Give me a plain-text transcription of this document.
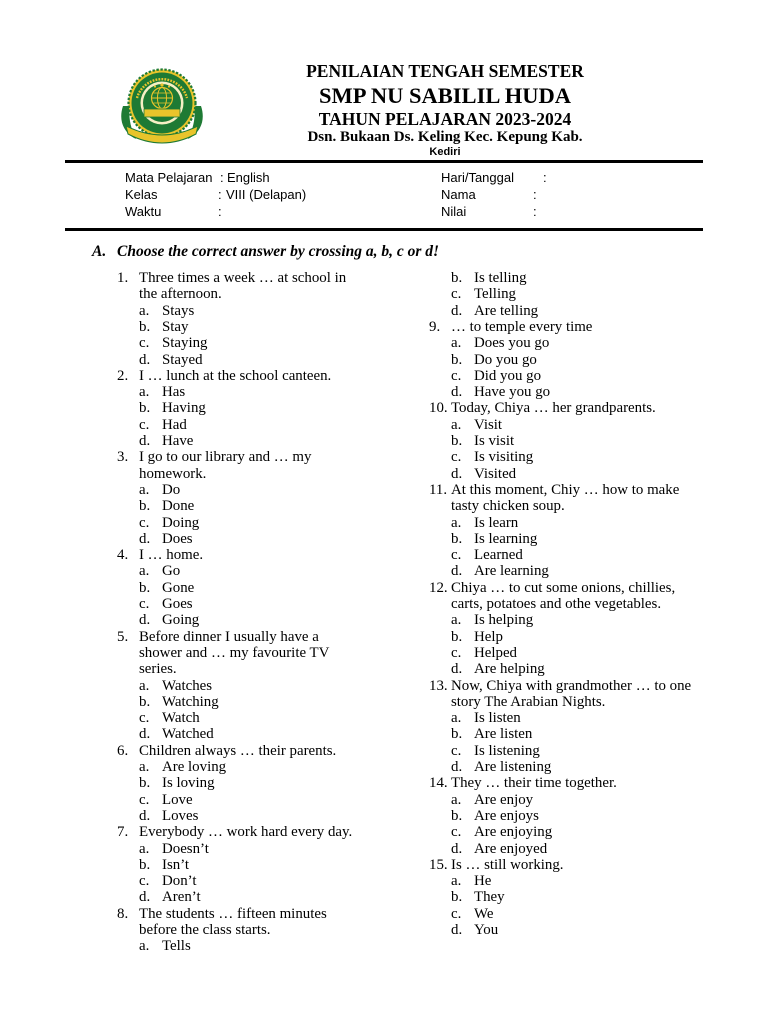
PENILAIAN TENGAH SEMESTER
SMP NU SABILIL HUDA
TAHUN PELAJARAN 2023-2024
Dsn. Bukaan Ds. Keling Kec. Kepung Kab.
Kediri
Mata Pelajaran : English
Kelas	: VIII (Delapan)
Waktu	:
Hari/Tanggal :
Nama	:
Nilai	:
A. Choose the correct answer by crossing a, b, c or d!
1. Three times a week … at school in
the afternoon.
a. Stays
b. Stay
c. Staying
d. Stayed
2. I … lunch at the school canteen.
a. Has
b. Having
c. Had
d. Have
3. I go to our library and … my
homework.
a. Do
b. Done
c. Doing
d. Does
4. I … home.
a. Go
b. Gone
c. Goes
d. Going
5. Before dinner I usually have a
shower and … my favourite TV
series.
a. Watches
b. Watching
c. Watch
d. Watched
6. Children always … their parents.
a. Are loving
b. Is loving
c. Love
d. Loves
7. Everybody … work hard every day.
a. Doesn’t
b. Isn’t
c. Don’t
d. Aren’t
8. The students … fifteen minutes
before the class starts.
a. Tells
b. Is telling
c. Telling
d. Are telling
9. … to temple every time
a. Does you go
b. Do you go
c. Did you go
d. Have you go
10. Today, Chiya … her grandparents.
a. Visit
b. Is visit
c. Is visiting
d. Visited
11. At this moment, Chiy … how to make
tasty chicken soup.
a. Is learn
b. Is learning
c. Learned
d. Are learning
12. Chiya … to cut some onions, chillies,
carts, potatoes and othe vegetables.
a. Is helping
b. Help
c. Helped
d. Are helping
13. Now, Chiya with grandmother … to one
story The Arabian Nights.
a. Is listen
b. Are listen
c. Is listening
d. Are listening
14. They … their time together.
a. Are enjoy
b. Are enjoys
c. Are enjoying
d. Are enjoyed
15. Is … still working.
a. He
b. They
c. We
d. You
